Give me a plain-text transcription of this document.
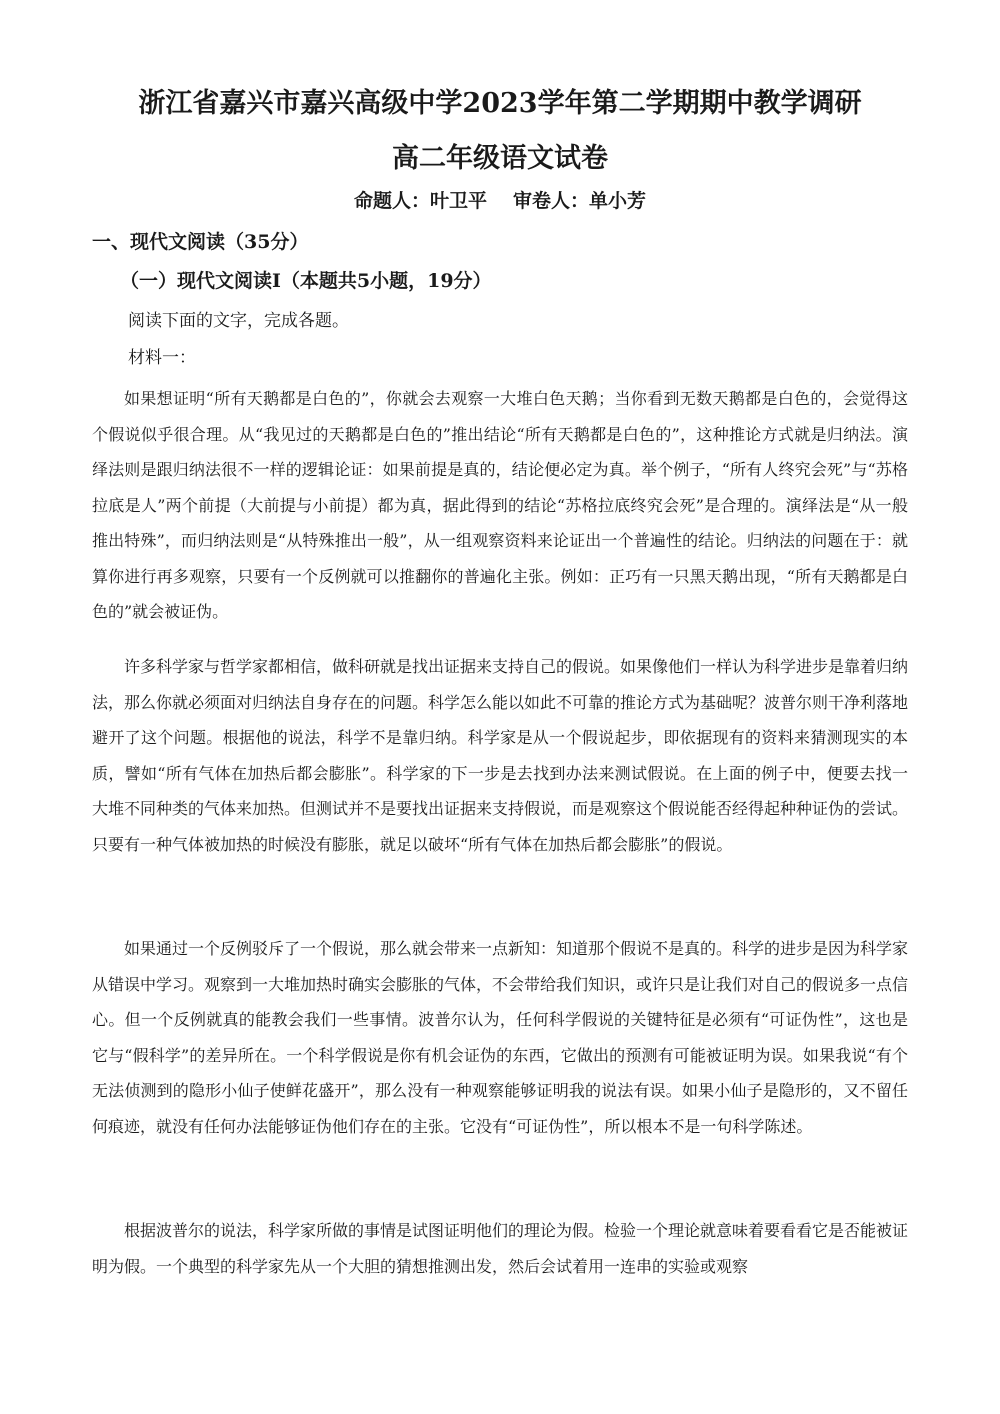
浙江省嘉兴市嘉兴高级中学2023学年第二学期期中教学调研
高二年级语文试卷
命题人：叶卫平 审卷人：单小芳
一、现代文阅读（35分）
（一）现代文阅读Ⅰ（本题共5小题，19分）
阅读下面的文字，完成各题。
材料一：

如果想证明“所有天鹅都是白色的”，你就会去观察一大堆白色天鹅；当你看到无数天鹅都是白色的，会觉得这个假说似乎很合理。从“我见过的天鹅都是白色的”推出结论“所有天鹅都是白色的”，这种推论方式就是归纳法。演绎法则是跟归纳法很不一样的逻辑论证：如果前提是真的，结论便必定为真。举个例子，“所有人终究会死”与“苏格拉底是人”两个前提（大前提与小前提）都为真，据此得到的结论“苏格拉底终究会死”是合理的。演绎法是“从一般推出特殊”，而归纳法则是“从特殊推出一般”，从一组观察资料来论证出一个普遍性的结论。归纳法的问题在于：就算你进行再多观察，只要有一个反例就可以推翻你的普遍化主张。例如：正巧有一只黑天鹅出现，“所有天鹅都是白色的”就会被证伪。

许多科学家与哲学家都相信，做科研就是找出证据来支持自己的假说。如果像他们一样认为科学进步是靠着归纳法，那么你就必须面对归纳法自身存在的问题。科学怎么能以如此不可靠的推论方式为基础呢？波普尔则干净利落地避开了这个问题。根据他的说法，科学不是靠归纳。科学家是从一个假说起步，即依据现有的资料来猜测现实的本质，譬如“所有气体在加热后都会膨胀”。科学家的下一步是去找到办法来测试假说。在上面的例子中，便要去找一大堆不同种类的气体来加热。但测试并不是要找出证据来支持假说，而是观察这个假说能否经得起种种证伪的尝试。只要有一种气体被加热的时候没有膨胀，就足以破坏“所有气体在加热后都会膨胀”的假说。

如果通过一个反例驳斥了一个假说，那么就会带来一点新知：知道那个假说不是真的。科学的进步是因为科学家从错误中学习。观察到一大堆加热时确实会膨胀的气体，不会带给我们知识，或许只是让我们对自己的假说多一点信心。但一个反例就真的能教会我们一些事情。波普尔认为，任何科学假说的关键特征是必须有“可证伪性”，这也是它与“假科学”的差异所在。一个科学假说是你有机会证伪的东西，它做出的预测有可能被证明为误。如果我说“有个无法侦测到的隐形小仙子使鲜花盛开”，那么没有一种观察能够证明我的说法有误。如果小仙子是隐形的，又不留任何痕迹，就没有任何办法能够证伪他们存在的主张。它没有“可证伪性”，所以根本不是一句科学陈述。

根据波普尔的说法，科学家所做的事情是试图证明他们的理论为假。检验一个理论就意味着要看看它是否能被证明为假。一个典型的科学家先从一个大胆的猜想推测出发，然后会试着用一连串的实验或观察
